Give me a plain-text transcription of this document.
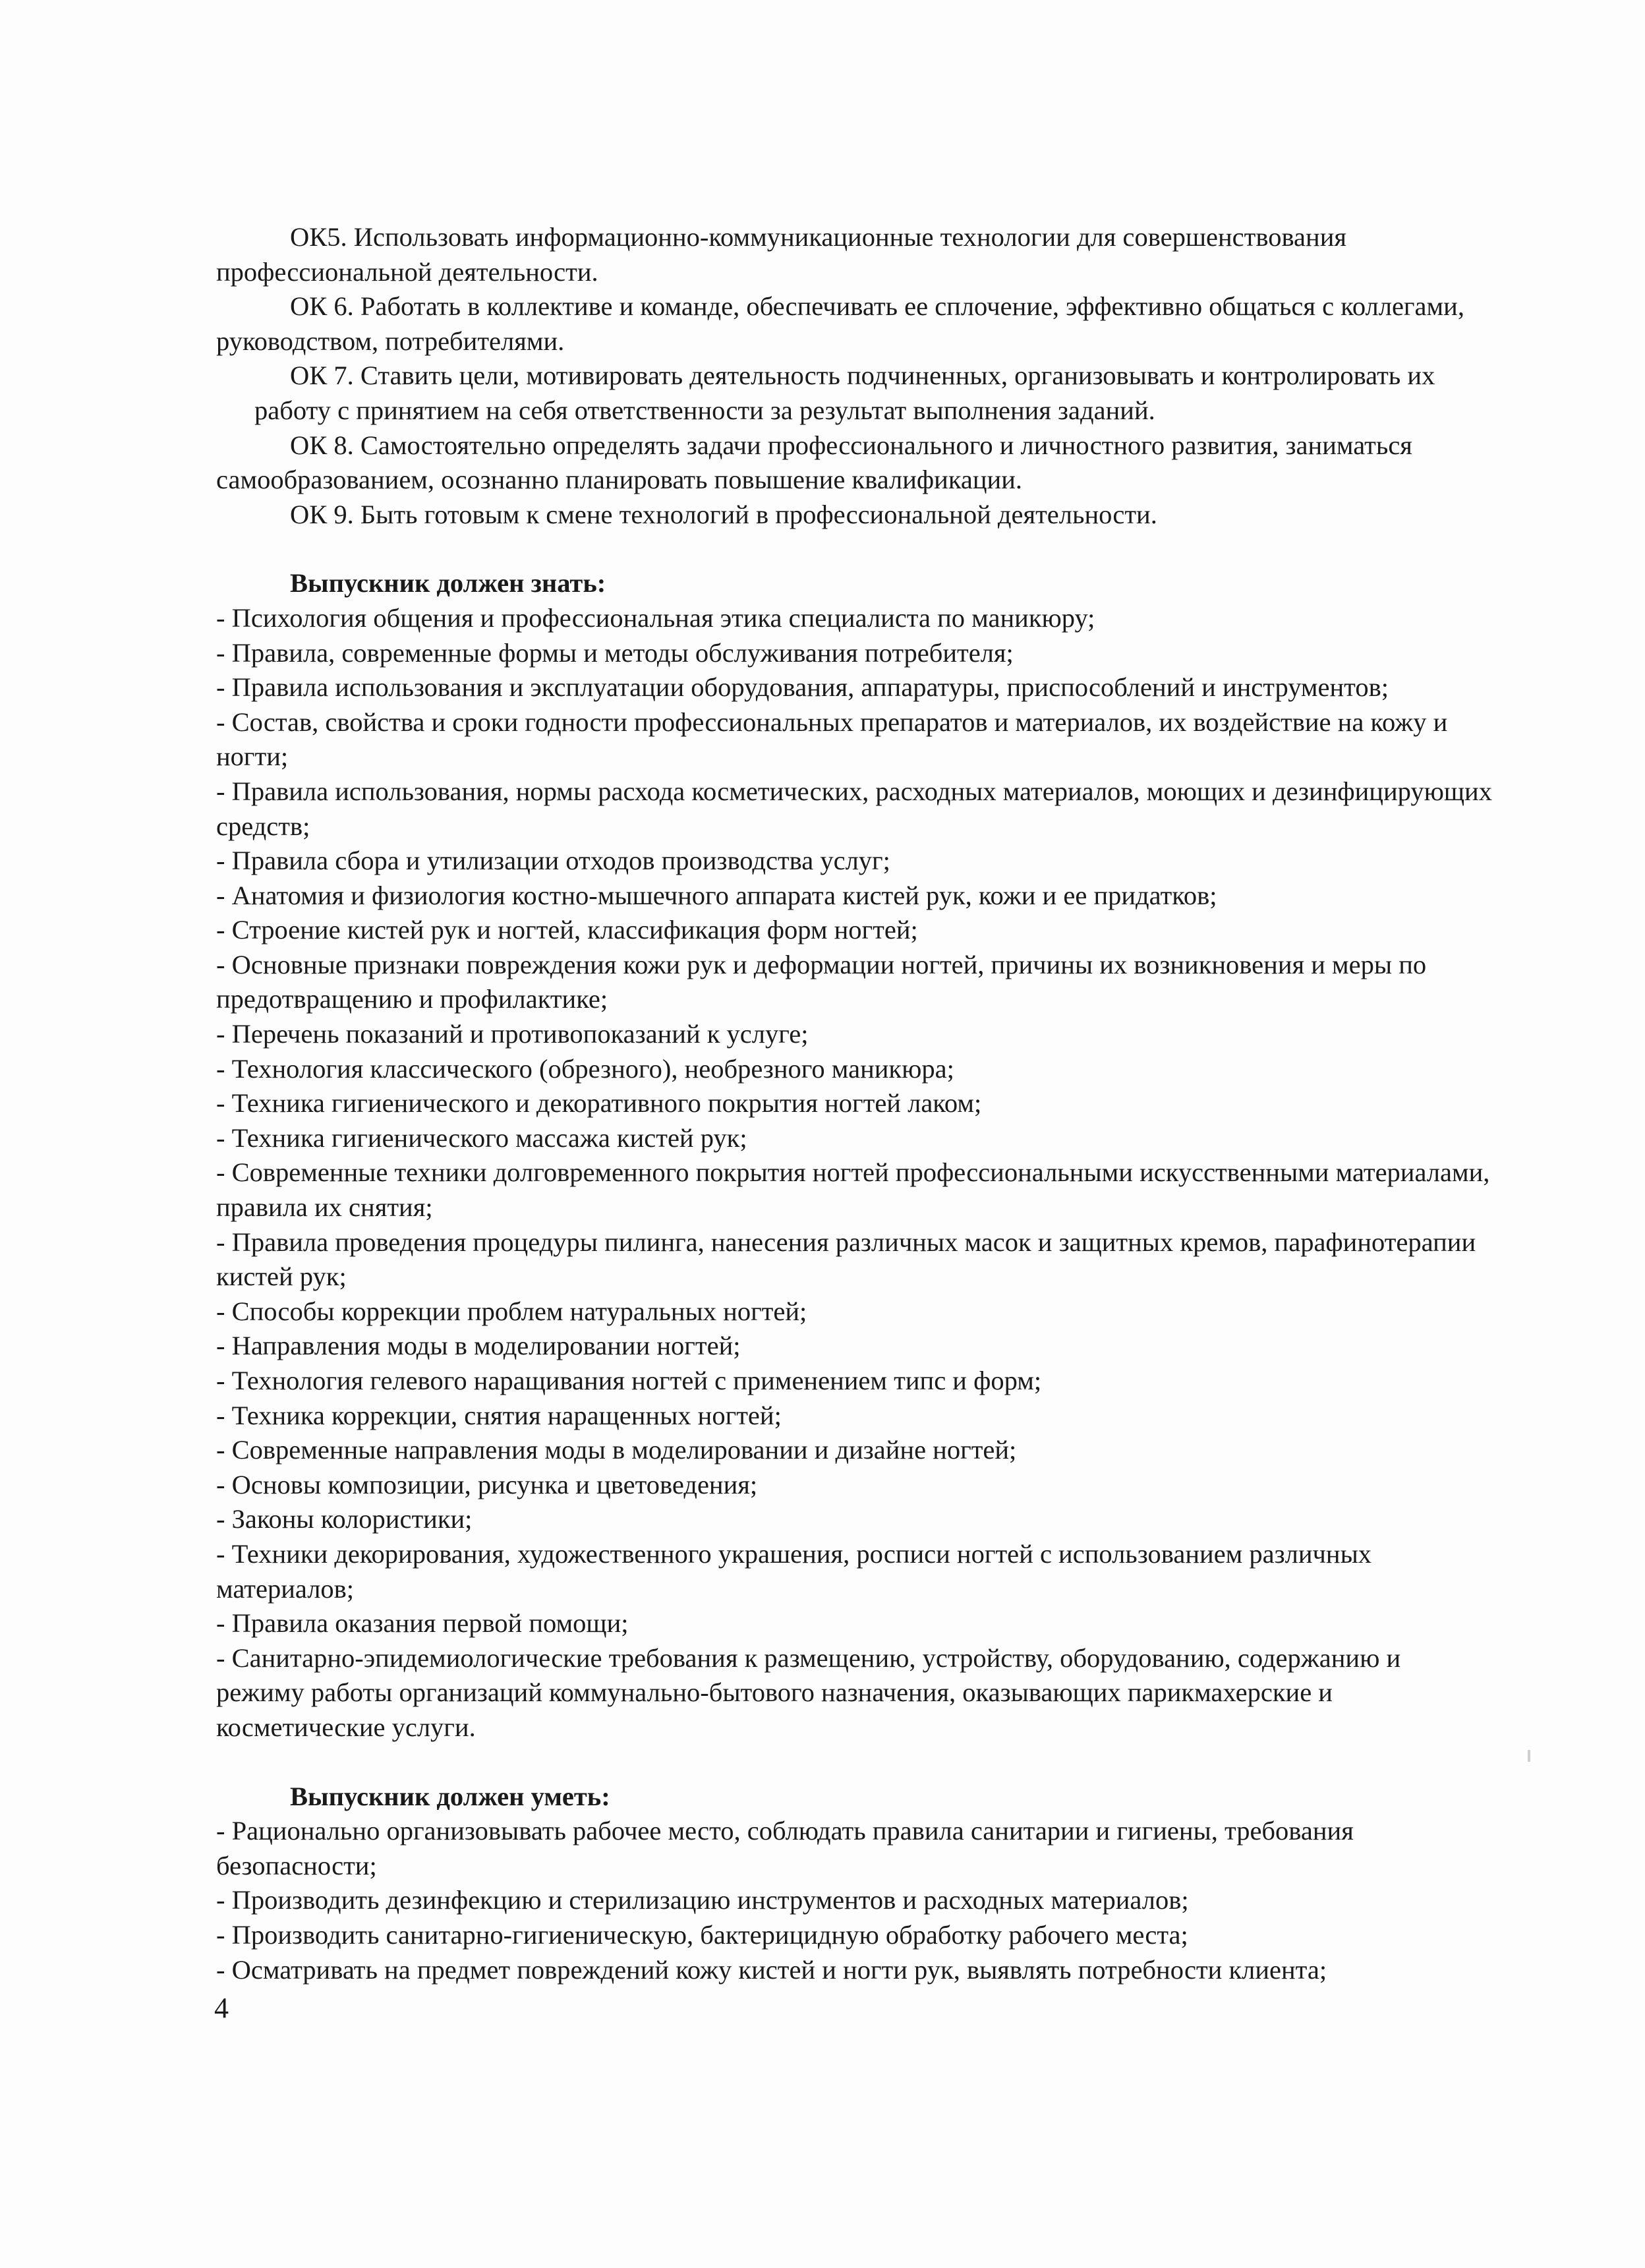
ОК5. Использовать информационно-коммуникационные технологии для совершенствования профессиональной деятельности.

ОК 6. Работать в коллективе и команде, обеспечивать ее сплочение, эффективно общаться с коллегами, руководством, потребителями.

ОК 7. Ставить цели, мотивировать деятельность подчиненных, организовывать и контролировать их работу с принятием на себя ответственности за результат выполнения заданий.

ОК 8. Самостоятельно определять задачи профессионального и личностного развития, заниматься самообразованием, осознанно планировать повышение квалификации.

ОК 9. Быть готовым к смене технологий в профессиональной деятельности.

Выпускник должен знать:

- Психология общения и профессиональная этика специалиста по маникюру;
- Правила, современные формы и методы обслуживания потребителя;
- Правила использования и эксплуатации оборудования, аппаратуры, приспособлений и инструментов;
- Состав, свойства и сроки годности профессиональных препаратов и материалов, их воздействие на кожу и ногти;
- Правила использования, нормы расхода косметических, расходных материалов, моющих и дезинфицирующих средств;
- Правила сбора и утилизации отходов производства услуг;
- Анатомия и физиология костно-мышечного аппарата кистей рук, кожи и ее придатков;
- Строение кистей рук и ногтей, классификация форм ногтей;
- Основные признаки повреждения кожи рук и деформации ногтей, причины их возникновения и меры по предотвращению и профилактике;
- Перечень показаний и противопоказаний к услуге;
- Технология классического (обрезного), необрезного маникюра;
- Техника гигиенического и декоративного покрытия ногтей лаком;
- Техника гигиенического массажа кистей рук;
- Современные техники долговременного покрытия ногтей профессиональными искусственными материалами, правила их снятия;
- Правила проведения процедуры пилинга, нанесения различных масок и защитных кремов, парафинотерапии кистей рук;
- Способы коррекции проблем натуральных ногтей;
- Направления моды в моделировании ногтей;
- Технология гелевого наращивания ногтей с применением типс и форм;
- Техника коррекции, снятия наращенных ногтей;
- Современные направления моды в моделировании и дизайне ногтей;
- Основы композиции, рисунка и цветоведения;
- Законы колористики;
- Техники декорирования, художественного украшения, росписи ногтей с использованием различных материалов;
- Правила оказания первой помощи;
- Санитарно-эпидемиологические требования к размещению, устройству, оборудованию, содержанию и режиму работы организаций коммунально-бытового назначения, оказывающих парикмахерские и косметические услуги.

Выпускник должен уметь:

- Рационально организовывать рабочее место, соблюдать правила санитарии и гигиены, требования безопасности;
- Производить дезинфекцию и стерилизацию инструментов и расходных материалов;
- Производить санитарно-гигиеническую, бактерицидную обработку рабочего места;
- Осматривать на предмет повреждений кожу кистей и ногти рук, выявлять потребности клиента;
4
